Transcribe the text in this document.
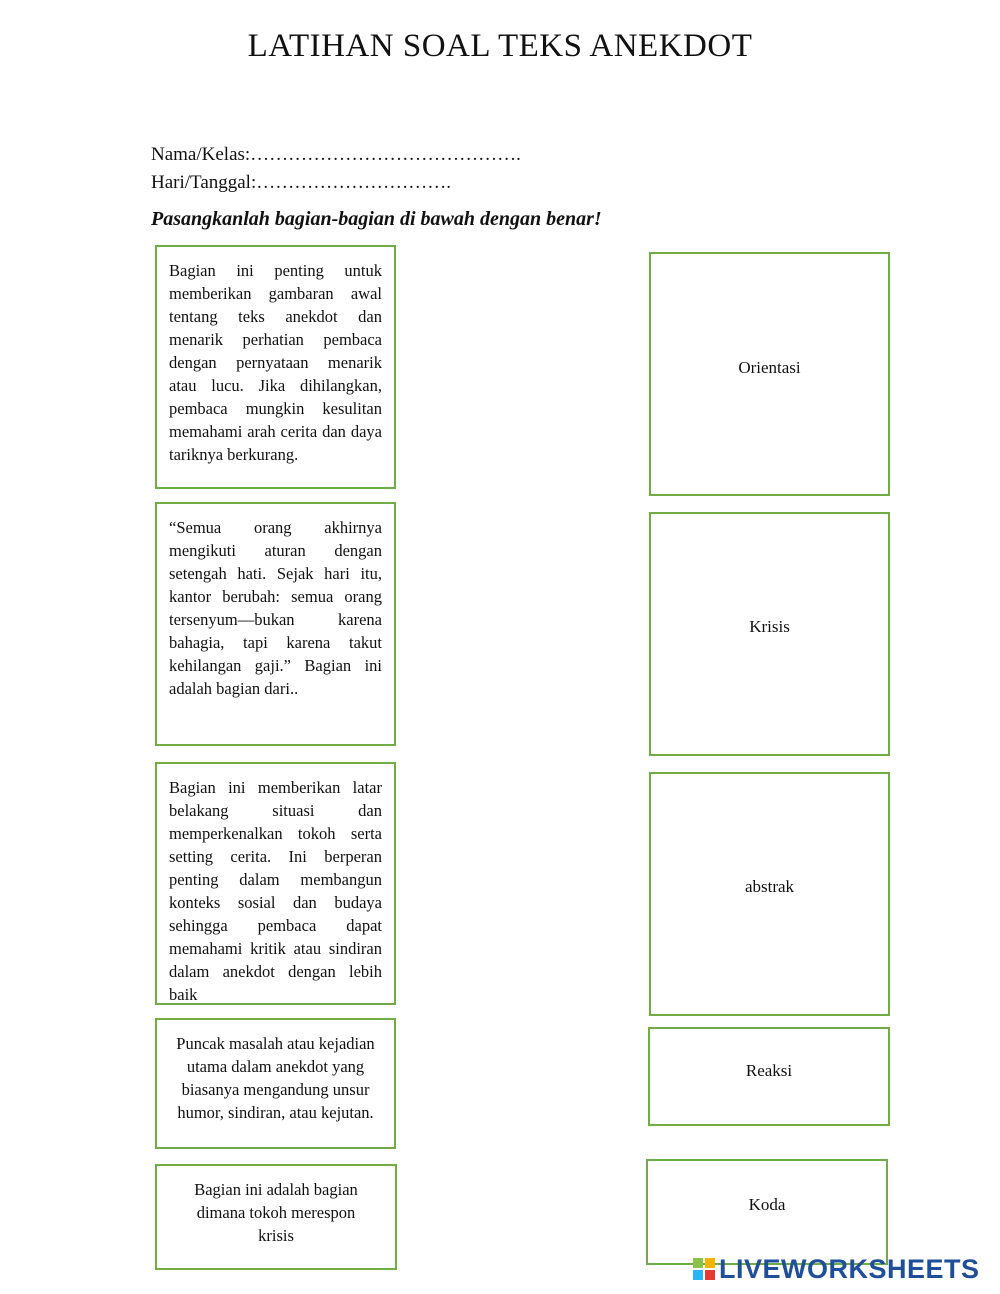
LATIHAN SOAL TEKS ANEKDOT
Nama/Kelas:…………………………………….
Hari/Tanggal:………………………….
Pasangkanlah bagian-bagian di bawah dengan benar!
Bagian ini penting untuk memberikan gambaran awal tentang teks anekdot dan menarik perhatian pembaca dengan pernyataan menarik atau lucu. Jika dihilangkan, pembaca mungkin kesulitan memahami arah cerita dan daya tariknya berkurang.
“Semua orang akhirnya mengikuti aturan dengan setengah hati. Sejak hari itu, kantor berubah: semua orang tersenyum—bukan karena bahagia, tapi karena takut kehilangan gaji.” Bagian ini adalah bagian dari..
Bagian ini memberikan latar belakang situasi dan memperkenalkan tokoh serta setting cerita. Ini berperan penting dalam membangun konteks sosial dan budaya sehingga pembaca dapat memahami kritik atau sindiran dalam anekdot dengan lebih baik
Puncak masalah atau kejadian utama dalam anekdot yang biasanya mengandung unsur humor, sindiran, atau kejutan.
Bagian ini adalah bagian dimana tokoh merespon krisis
Orientasi
Krisis
abstrak
Reaksi
Koda
LIVEWORKSHEETS
